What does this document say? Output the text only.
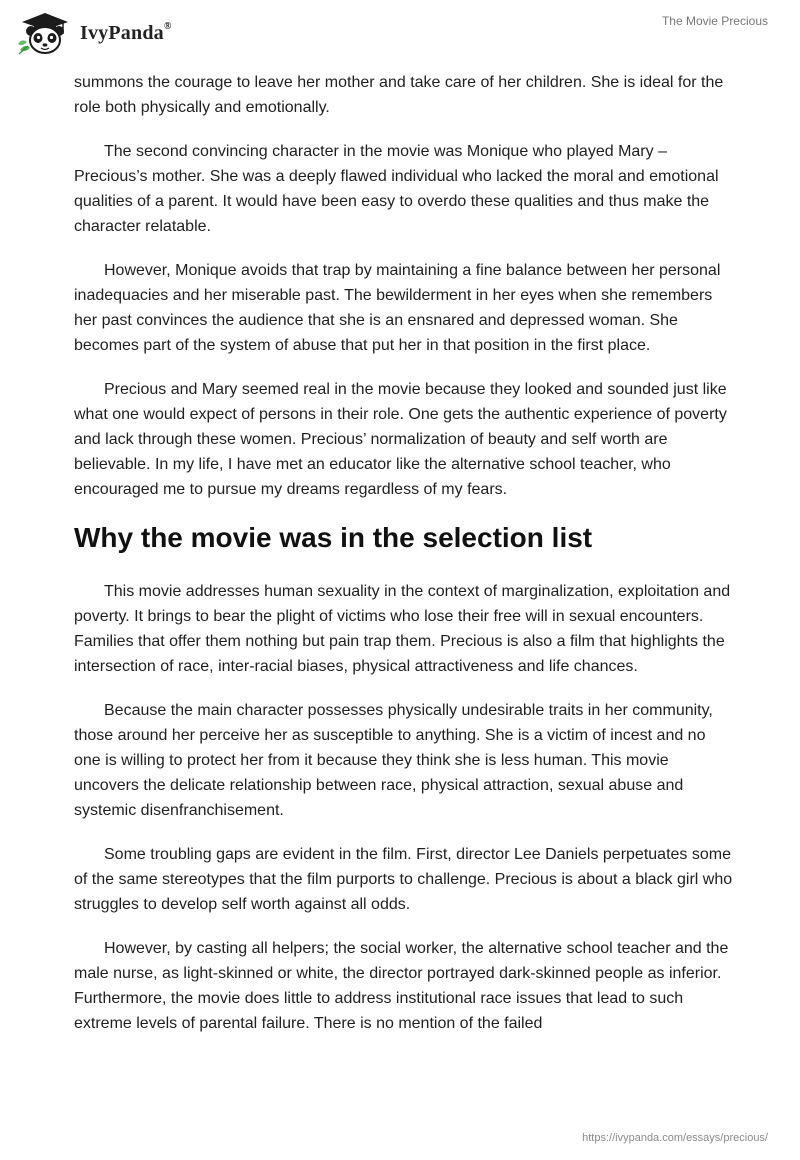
IvyPanda®	The Movie Precious

summons the courage to leave her mother and take care of her children. She is ideal for the role both physically and emotionally.

The second convincing character in the movie was Monique who played Mary – Precious’s mother. She was a deeply flawed individual who lacked the moral and emotional qualities of a parent. It would have been easy to overdo these qualities and thus make the character relatable.

However, Monique avoids that trap by maintaining a fine balance between her personal inadequacies and her miserable past. The bewilderment in her eyes when she remembers her past convinces the audience that she is an ensnared and depressed woman. She becomes part of the system of abuse that put her in that position in the first place.

Precious and Mary seemed real in the movie because they looked and sounded just like what one would expect of persons in their role. One gets the authentic experience of poverty and lack through these women. Precious’ normalization of beauty and self worth are believable. In my life, I have met an educator like the alternative school teacher, who encouraged me to pursue my dreams regardless of my fears.

Why the movie was in the selection list

This movie addresses human sexuality in the context of marginalization, exploitation and poverty. It brings to bear the plight of victims who lose their free will in sexual encounters. Families that offer them nothing but pain trap them. Precious is also a film that highlights the intersection of race, inter-racial biases, physical attractiveness and life chances.

Because the main character possesses physically undesirable traits in her community, those around her perceive her as susceptible to anything. She is a victim of incest and no one is willing to protect her from it because they think she is less human. This movie uncovers the delicate relationship between race, physical attraction, sexual abuse and systemic disenfranchisement.

Some troubling gaps are evident in the film. First, director Lee Daniels perpetuates some of the same stereotypes that the film purports to challenge. Precious is about a black girl who struggles to develop self worth against all odds.

However, by casting all helpers; the social worker, the alternative school teacher and the male nurse, as light-skinned or white, the director portrayed dark-skinned people as inferior. Furthermore, the movie does little to address institutional race issues that lead to such extreme levels of parental failure. There is no mention of the failed

https://ivypanda.com/essays/precious/
